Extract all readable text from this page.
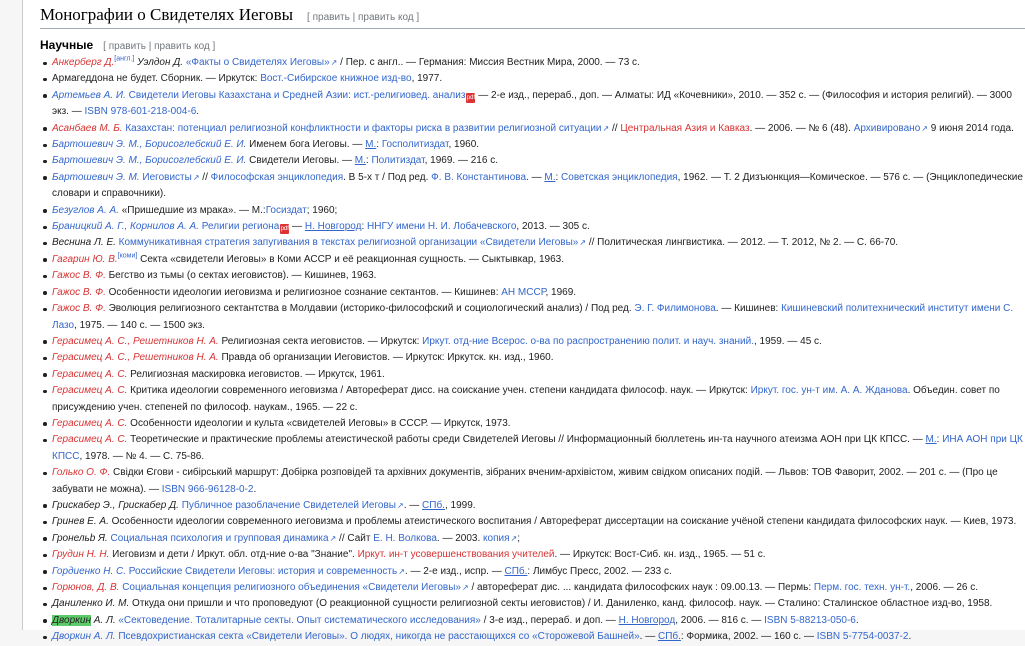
Монографии о Свидетелях Иеговы [ править | править код ]
Научные [ править | править код ]
Анкерберг Д.[англ.] Уэлдон Д. «Факты о Свидетелях Иеговы»↗ / Пер. с англ.. — Германия: Миссия Вестник Мира, 2000. — 73 с.
Армагеддона не будет. Сборник. — Иркутск: Вост.-Сибирское книжное изд-во, 1977.
Артемьев А. И. Свидетели Иеговы Казахстана и Средней Азии: ист.-религиовед. анализpdf — 2-е изд., перераб., доп. — Алматы: ИД «Кочевники», 2010. — 352 с. — (Философия и история религий). — 3000 экз. — ISBN 978-601-218-004-6.
Асанбаев М. Б. Казахстан: потенциал религиозной конфликтности и факторы риска в развитии религиозной ситуации↗ // Центральная Азия и Кавказ. — 2006. — № 6 (48). Архивировано↗ 9 июня 2014 года.
Бартошевич Э. М., Борисоглебский Е. И. Именем бога Иеговы. — М.: Госполитиздат, 1960.
Бартошевич Э. М., Борисоглебский Е. И. Свидетели Иеговы. — М.: Политиздат, 1969. — 216 с.
Бартошевич Э. М. Иеговисты↗ // Философская энциклопедия. В 5-х т / Под ред. Ф. В. Константинова. — М.: Советская энциклопедия, 1962. — Т. 2 Дизъюнкция—Комическое. — 576 с. — (Энциклопедические словари и справочники).
Безуглов А. А. «Пришедшие из мрака». — М.:Госиздат; 1960;
Браницкий А. Г., Корнилов А. А. Религии регионаpdf — Н. Новгород: ННГУ имени Н. И. Лобачевского, 2013. — 305 с.
Веснина Л. Е. Коммуникативная стратегия запугивания в текстах религиозной организации «Свидетели Иеговы»↗ // Политическая лингвистика. — 2012. — Т. 2012, № 2. — С. 66-70.
Гагарин Ю. В.[коми] Секта «свидетели Иеговы» в Коми АССР и её реакционная сущность. — Сыктывкар, 1963.
Гажос В. Ф. Бегство из тьмы (о сектах иеговистов). — Кишинев, 1963.
Гажос В. Ф. Особенности идеологии иеговизма и религиозное сознание сектантов. — Кишинев: АН МССР, 1969.
Гажос В. Ф. Эволюция религиозного сектантства в Молдавии (историко-философский и социологический анализ) / Под ред. Э. Г. Филимонова. — Кишинев: Кишиневский политехнический институт имени С. Лазо, 1975. — 140 с. — 1500 экз.
Герасимец А. С., Решетников Н. А. Религиозная секта иеговистов. — Иркутск: Иркут. отд-ние Всерос. о-ва по распространению полит. и науч. знаний., 1959. — 45 с.
Герасимец А. С., Решетников Н. А. Правда об организации Иеговистов. — Иркутск: Иркутск. кн. изд., 1960.
Герасимец А. С. Религиозная маскировка иеговистов. — Иркутск, 1961.
Герасимец А. С. Критика идеологии современного иеговизма / Автореферат дисс. на соискание учен. степени кандидата философ. наук. — Иркутск: Иркут. гос. ун-т им. А. А. Жданова. Объедин. совет по присуждению учен. степеней по философ. наукам., 1965. — 22 с.
Герасимец А. С. Особенности идеологии и культа «свидетелей Иеговы» в СССР. — Иркутск, 1973.
Герасимец А. С. Теоретические и практические проблемы атеистической работы среди Свидетелей Иеговы // Информационный бюллетень ин-та научного атеизма АОН при ЦК КПСС. — М.: ИНА АОН при ЦК КПСС, 1978. — № 4. — С. 75-86.
Голько О. Ф. Свідки Єгови - сибірський маршрут: Добірка розповідей та архівних документів, зібраних вченим-архівістом, живим свідком описаних подій. — Львов: ТОВ Фаворит, 2002. — 201 с. — (Про це забувати не можна). — ISBN 966-96128-0-2.
Грискабер Э., Грискабер Д. Публичное разоблачение Свидетелей Иеговы↗. — СПб., 1999.
Гринев Е. А. Особенности идеологии современного иеговизма и проблемы атеистического воспитания / Автореферат диссертации на соискание учёной степени кандидата философских наук. — Киев, 1973.
Гронельb Я. Социальная психология и групповая динамика↗ // Сайт Е. Н. Волкова. — 2003. копия↗;
Грудин Н. Н. Иеговизм и дети / Иркут. обл. отд-ние о-ва "Знание". Иркут. ин-т усовершенствования учителей. — Иркутск: Вост-Сиб. кн. изд., 1965. — 51 с.
Гордиенко Н. С. Российские Свидетели Иеговы: история и современность↗. — 2-е изд., испр. — СПб.: Лимбус Пресс, 2002. — 233 с.
Горюнов, Д. В. Социальная концепция религиозного объединения «Свидетели Иеговы»↗ / автореферат дис. ... кандидата философских наук : 09.00.13. — Пермь: Перм. гос. техн. ун-т., 2006. — 26 с.
Даниленко И. М. Откуда они пришли и что проповедуют (О реакционной сущности религиозной секты иеговистов) / И. Даниленко, канд. философ. наук. — Сталино: Сталинское областное изд-во, 1958.
Дворкин А. Л. «Сектоведение. Тоталитарные секты. Опыт систематического исследования» / 3-е изд., перераб. и доп. — Н. Новгород, 2006. — 816 с. — ISBN 5-88213-050-6.
Дворкин А. Л. Псевдохристианская секта «Свидетели Иеговы». О людях, никогда не расстающихся со «Сторожевой Башней». — СПб.: Формика, 2002. — 160 с. — ISBN 5-7754-0037-2.
